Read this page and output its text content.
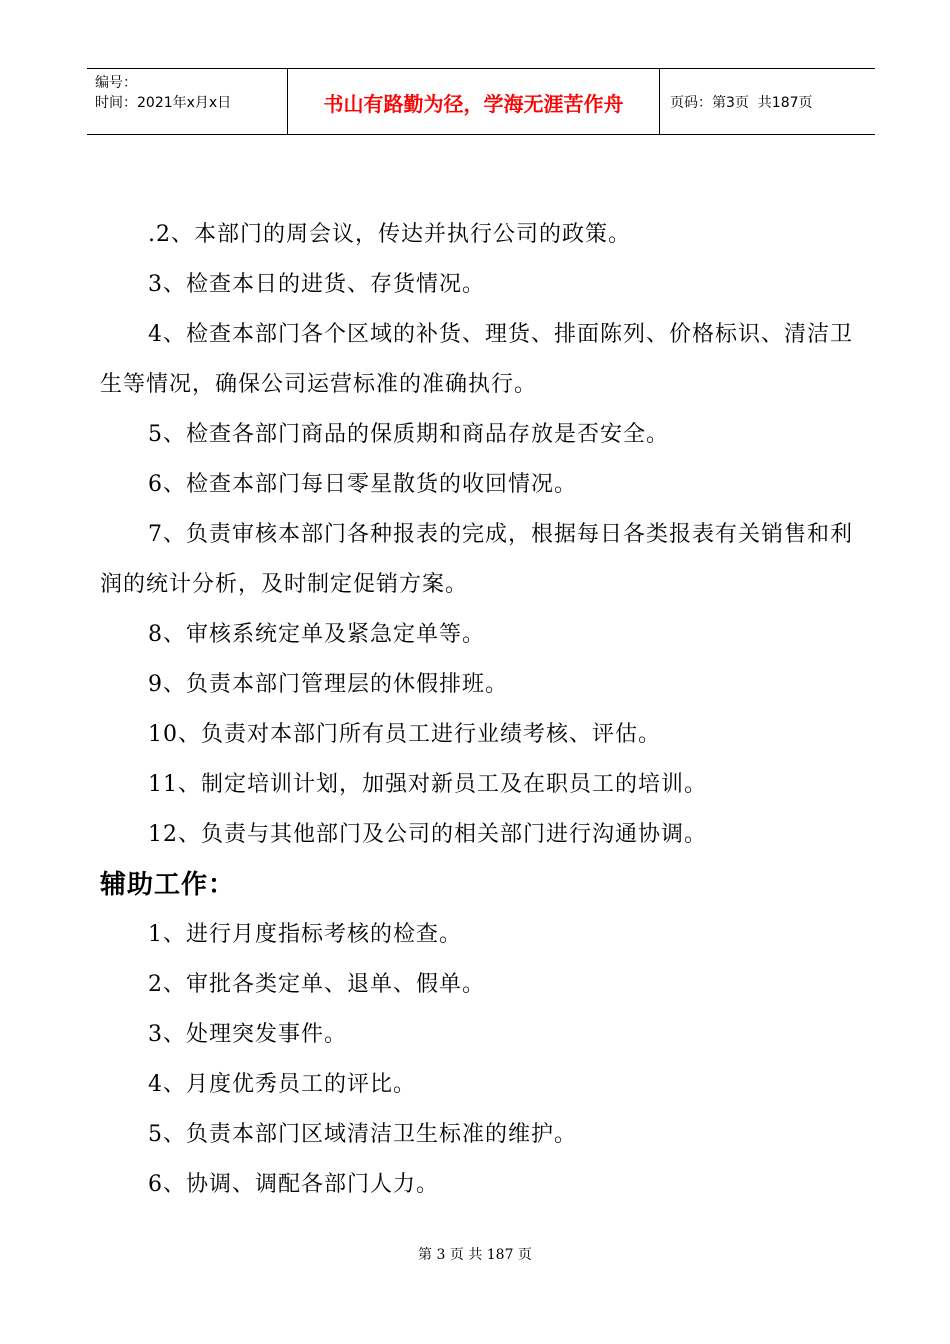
编号：
时间：2021年x月x日	书山有路勤为径，学海无涯苦作舟	页码：第3页  共187页

.2、本部门的周会议，传达并执行公司的政策。

3、检查本日的进货、存货情况。

4、检查本部门各个区域的补货、理货、排面陈列、价格标识、清洁卫生等情况，确保公司运营标准的准确执行。

5、检查各部门商品的保质期和商品存放是否安全。

6、检查本部门每日零星散货的收回情况。

7、负责审核本部门各种报表的完成，根据每日各类报表有关销售和利润的统计分析，及时制定促销方案。

8、审核系统定单及紧急定单等。

9、负责本部门管理层的休假排班。

10、负责对本部门所有员工进行业绩考核、评估。

11、制定培训计划，加强对新员工及在职员工的培训。

12、负责与其他部门及公司的相关部门进行沟通协调。

辅助工作：

1、进行月度指标考核的检查。

2、审批各类定单、退单、假单。

3、处理突发事件。

4、月度优秀员工的评比。

5、负责本部门区域清洁卫生标准的维护。

6、协调、调配各部门人力。

第 3 页 共 187 页
